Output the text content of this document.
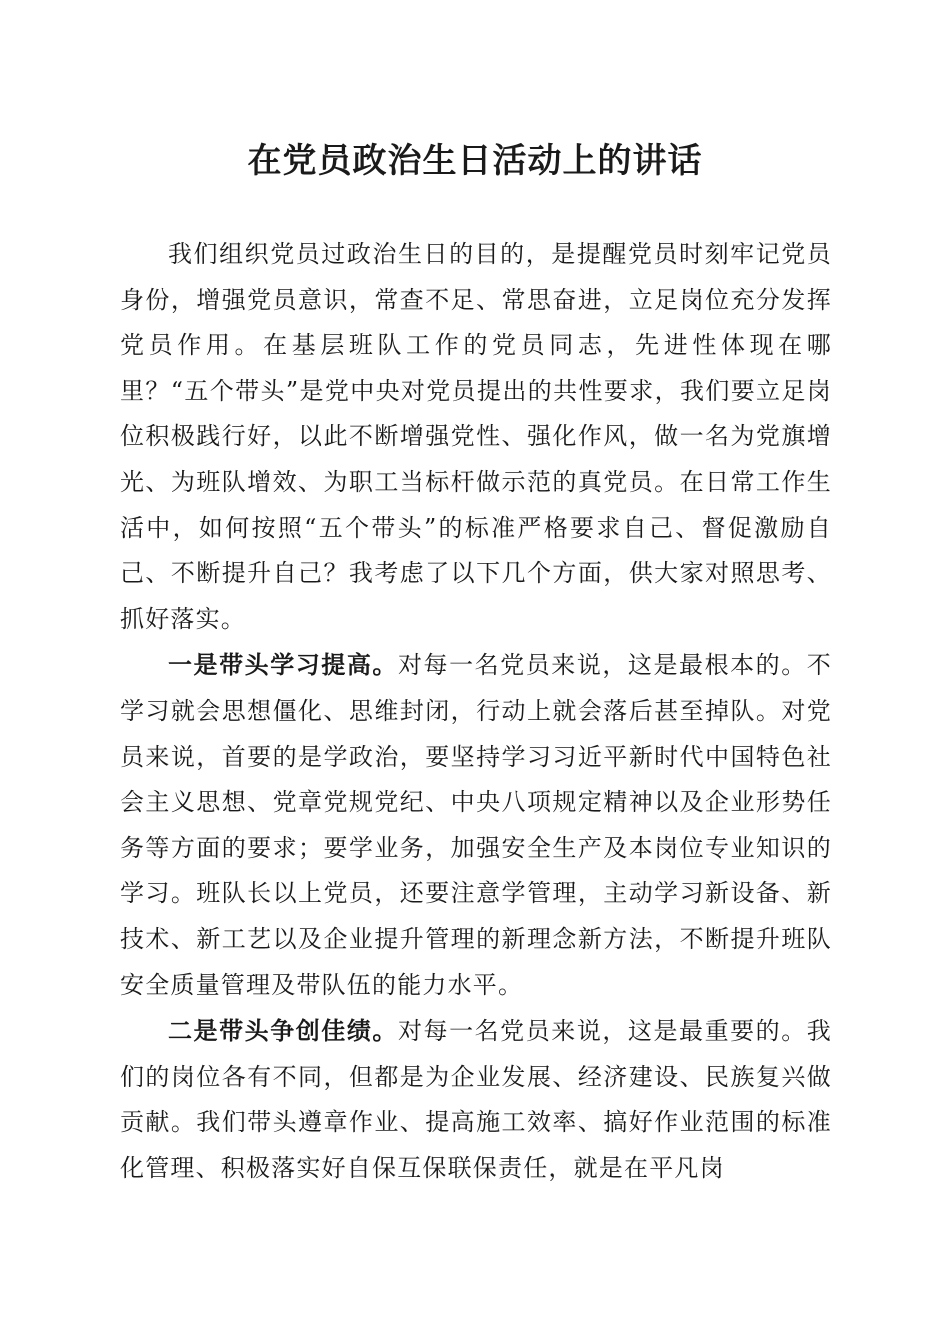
在党员政治生日活动上的讲话

我们组织党员过政治生日的目的，是提醒党员时刻牢记党员身份，增强党员意识，常查不足、常思奋进，立足岗位充分发挥党员作用。在基层班队工作的党员同志，先进性体现在哪里？“五个带头”是党中央对党员提出的共性要求，我们要立足岗位积极践行好，以此不断增强党性、强化作风，做一名为党旗增光、为班队增效、为职工当标杆做示范的真党员。在日常工作生活中，如何按照“五个带头”的标准严格要求自己、督促激励自己、不断提升自己？我考虑了以下几个方面，供大家对照思考、抓好落实。

一是带头学习提高。对每一名党员来说，这是最根本的。不学习就会思想僵化、思维封闭，行动上就会落后甚至掉队。对党员来说，首要的是学政治，要坚持学习习近平新时代中国特色社会主义思想、党章党规党纪、中央八项规定精神以及企业形势任务等方面的要求；要学业务，加强安全生产及本岗位专业知识的学习。班队长以上党员，还要注意学管理，主动学习新设备、新技术、新工艺以及企业提升管理的新理念新方法，不断提升班队安全质量管理及带队伍的能力水平。

二是带头争创佳绩。对每一名党员来说，这是最重要的。我们的岗位各有不同，但都是为企业发展、经济建设、民族复兴做贡献。我们带头遵章作业、提高施工效率、搞好作业范围的标准化管理、积极落实好自保互保联保责任，就是在平凡岗
